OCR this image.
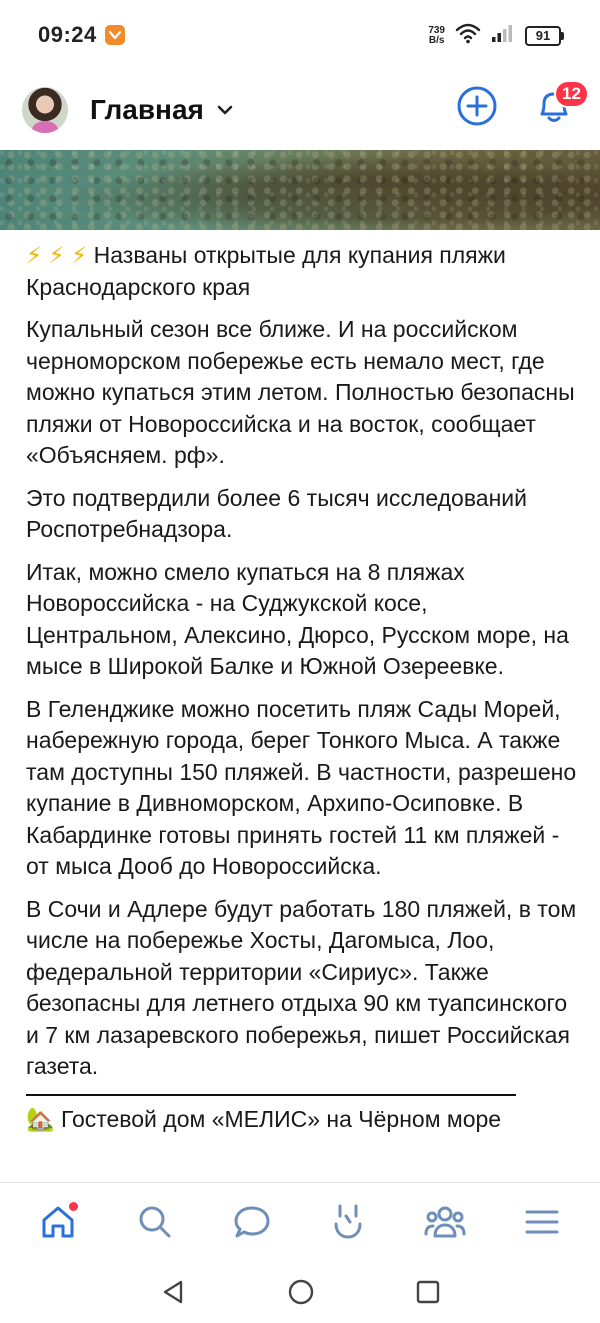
09:24	739
B/s	91
Главная
12

⚡ ⚡ ⚡ Названы открытые для купания пляжи Краснодарского края

Купальный сезон все ближе. И на российском черноморском побережье есть немало мест, где можно купаться этим летом. Полностью безопасны пляжи от Новороссийска и на восток, сообщает «Объясняем. рф».

Это подтвердили более 6 тысяч исследований Роспотребнадзора.

Итак, можно смело купаться на 8 пляжах Новороссийска - на Суджукской косе, Центральном, Алексино, Дюрсо, Русском море, на мысе в Широкой Балке и Южной Озереевке.

В Геленджике можно посетить пляж Сады Морей, набережную города, берег Тонкого Мыса. А также там доступны 150 пляжей. В частности, разрешено купание в Дивноморском, Архипо-Осиповке. В Кабардинке готовы принять гостей 11 км пляжей - от мыса Дооб до Новороссийска.

В Сочи и Адлере будут работать 180 пляжей, в том числе на побережье Хосты, Дагомыса, Лоо, федеральной территории «Сириус». Также безопасны для летнего отдыха 90 км туапсинского и 7 км лазаревского побережья, пишет Российская газета.

🏡 Гостевой дом «МЕЛИС» на Чёрном море
